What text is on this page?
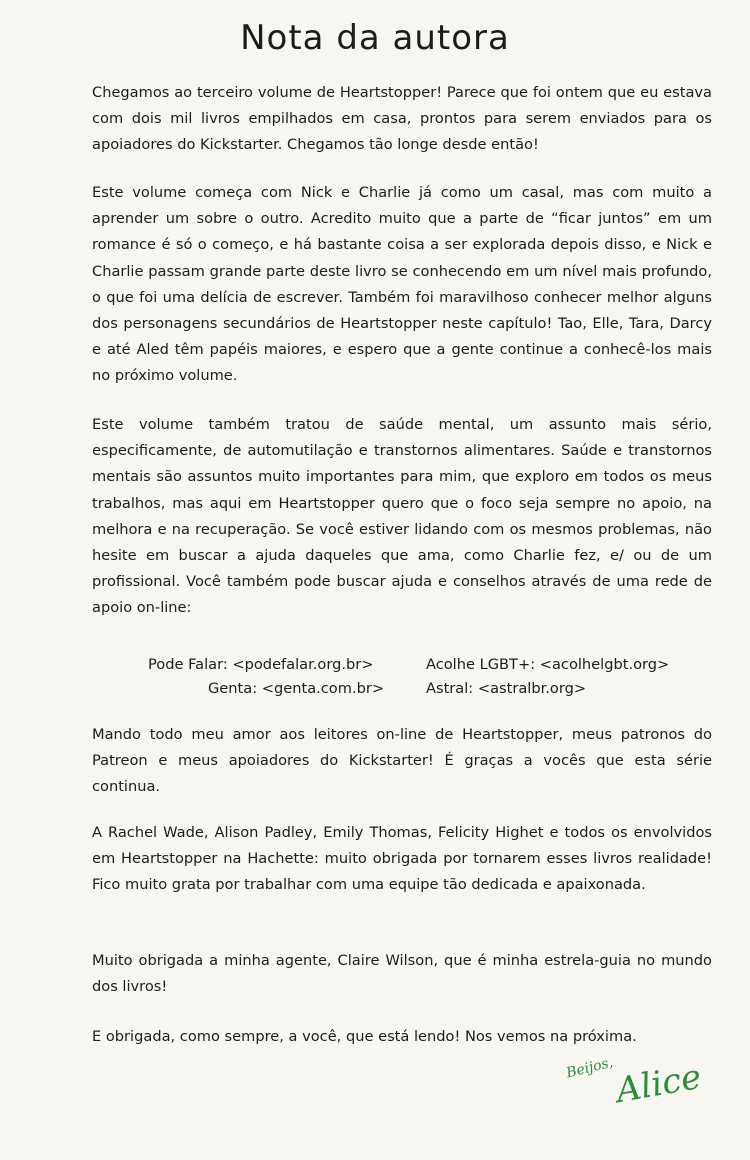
Nota da autora

Chegamos ao terceiro volume de Heartstopper! Parece que foi ontem que eu estava com dois mil livros empilhados em casa, prontos para serem enviados para os apoiadores do Kickstarter. Chegamos tão longe desde então!

Este volume começa com Nick e Charlie já como um casal, mas com muito a aprender um sobre o outro. Acredito muito que a parte de “ficar juntos” em um romance é só o começo, e há bastante coisa a ser explorada depois disso, e Nick e Charlie passam grande parte deste livro se conhecendo em um nível mais profundo, o que foi uma delícia de escrever. Também foi maravilhoso conhecer melhor alguns dos personagens secundários de Heartstopper neste capítulo! Tao, Elle, Tara, Darcy e até Aled têm papéis maiores, e espero que a gente continue a conhecê-los mais no próximo volume.

Este volume também tratou de saúde mental, um assunto mais sério, especificamente, de automutilação e transtornos alimentares. Saúde e transtornos mentais são assuntos muito importantes para mim, que exploro em todos os meus trabalhos, mas aqui em Heartstopper quero que o foco seja sempre no apoio, na melhora e na recuperação. Se você estiver lidando com os mesmos problemas, não hesite em buscar a ajuda daqueles que ama, como Charlie fez, e/ ou de um profissional. Você também pode buscar ajuda e conselhos através de uma rede de apoio on-line:

Pode Falar: <podefalar.org.br>	Acolhe LGBT+: <acolhelgbt.org>
Genta: <genta.com.br>	Astral: <astralbr.org>

Mando todo meu amor aos leitores on-line de Heartstopper, meus patronos do Patreon e meus apoiadores do Kickstarter! É graças a vocês que esta série continua.

A Rachel Wade, Alison Padley, Emily Thomas, Felicity Highet e todos os envolvidos em Heartstopper na Hachette: muito obrigada por tornarem esses livros realidade! Fico muito grata por trabalhar com uma equipe tão dedicada e apaixonada.

Muito obrigada a minha agente, Claire Wilson, que é minha estrela-guia no mundo dos livros!

E obrigada, como sempre, a você, que está lendo! Nos vemos na próxima.

Beijos,
Alice
